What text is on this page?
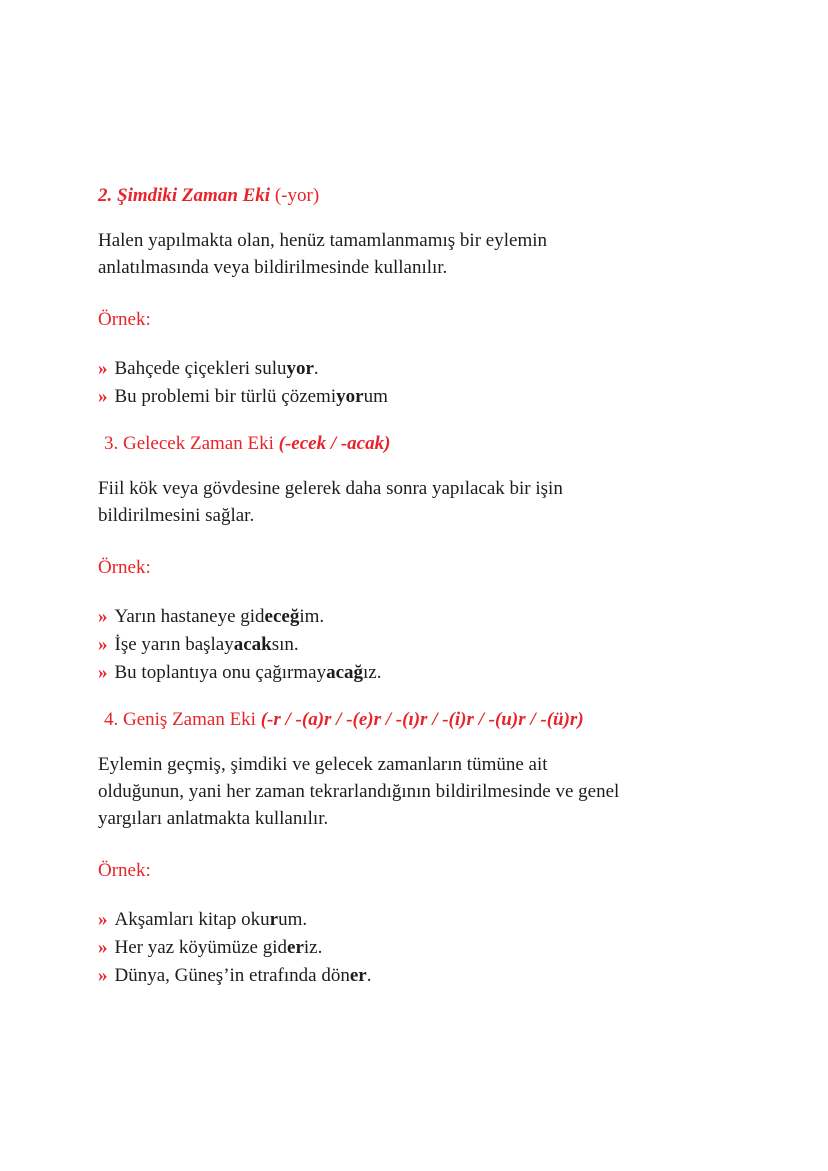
2. Şimdiki Zaman Eki (-yor)

Halen yapılmakta olan, henüz tamamlanmamış bir eylemin
anlatılmasında veya bildirilmesinde kullanılır.

Örnek:

» Bahçede çiçekleri suluyor.
» Bu problemi bir türlü çözemiyorum
3. Gelecek Zaman Eki (-ecek / -acak)

Fiil kök veya gövdesine gelerek daha sonra yapılacak bir işin
bildirilmesini sağlar.

Örnek:

» Yarın hastaneye gideceğim.
» İşe yarın başlayacaksın.
» Bu toplantıya onu çağırmayacağız.
4. Geniş Zaman Eki (-r / -(a)r / -(e)r / -(ı)r / -(i)r / -(u)r / -(ü)r)

Eylemin geçmiş, şimdiki ve gelecek zamanların tümüne ait
olduğunun, yani her zaman tekrarlandığının bildirilmesinde ve genel
yargıları anlatmakta kullanılır.

Örnek:

» Akşamları kitap okurum.
» Her yaz köyümüze gideriz.
» Dünya, Güneş’in etrafında döner.
